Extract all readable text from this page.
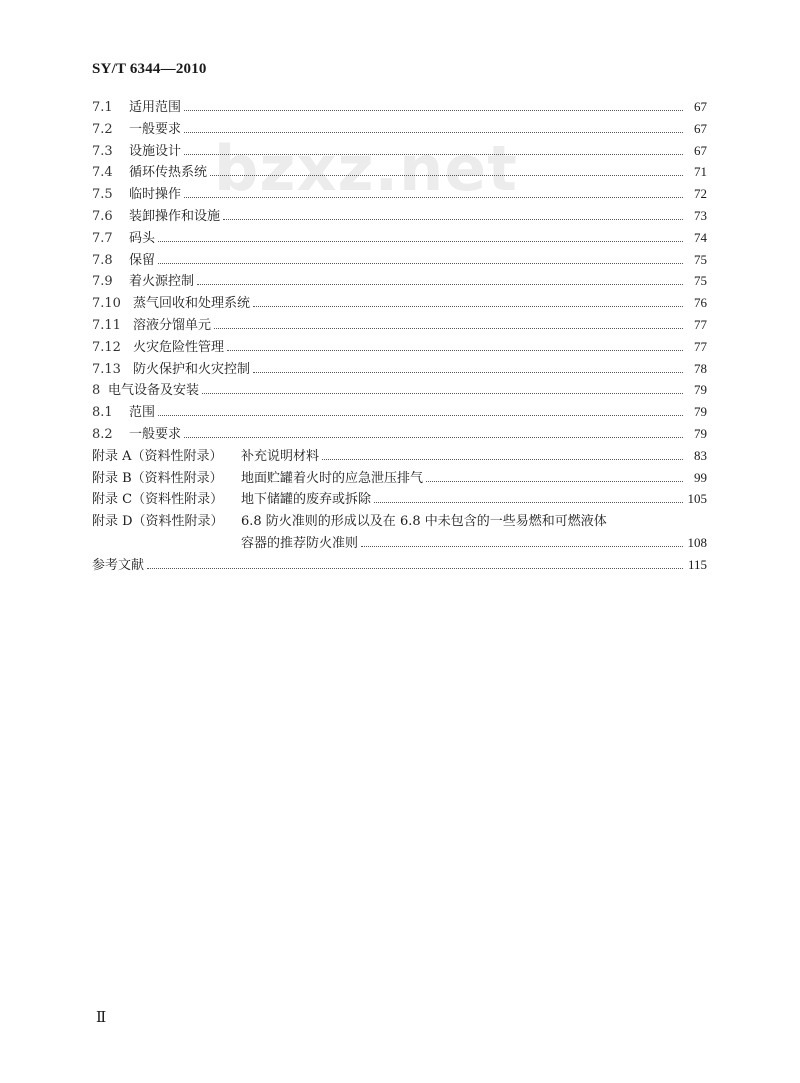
SY/T 6344—2010
bzxz.net
7.1	适用范围	67
7.2	一般要求	67
7.3	设施设计	67
7.4	循环传热系统	71
7.5	临时操作	72
7.6	装卸操作和设施	73
7.7	码头	74
7.8	保留	75
7.9	着火源控制	75
7.10 蒸气回收和处理系统	76
7.11 溶液分馏单元	77
7.12 火灾危险性管理	77
7.13 防火保护和火灾控制	78
8 电气设备及安装	79
8.1	范围	79
8.2	一般要求	79
附录 A（资料性附录）	补充说明材料	83
附录 B（资料性附录）	地面贮罐着火时的应急泄压排气	99
附录 C（资料性附录）	地下储罐的废弃或拆除	105
附录 D（资料性附录）	6.8 防火准则的形成以及在 6.8 中未包含的一些易燃和可燃液体
容器的推荐防火准则	108
参考文献	115
Ⅱ
